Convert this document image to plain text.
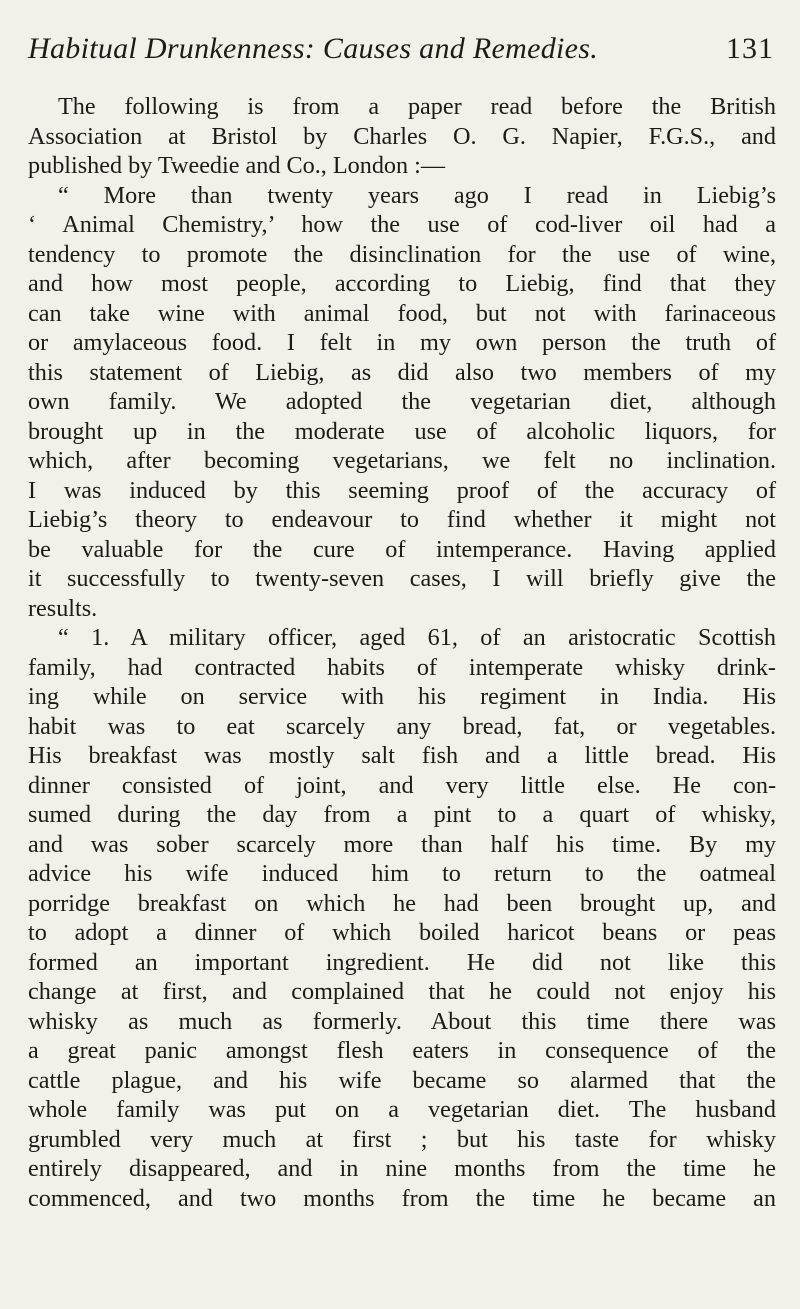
Habitual Drunkenness: Causes and Remedies.	131
The following is from a paper read before the British
Association at Bristol by Charles O. G. Napier, F.G.S., and
published by Tweedie and Co., London :—
“ More than twenty years ago I read in Liebig’s
‘ Animal Chemistry,’ how the use of cod-liver oil had a
tendency to promote the disinclination for the use of wine,
and how most people, according to Liebig, find that they
can take wine with animal food, but not with farinaceous
or amylaceous food. I felt in my own person the truth of
this statement of Liebig, as did also two members of my
own family. We adopted the vegetarian diet, although
brought up in the moderate use of alcoholic liquors, for
which, after becoming vegetarians, we felt no inclination.
I was induced by this seeming proof of the accuracy of
Liebig’s theory to endeavour to find whether it might not
be valuable for the cure of intemperance. Having applied
it successfully to twenty-seven cases, I will briefly give the
results.
“ 1. A military officer, aged 61, of an aristocratic Scottish
family, had contracted habits of intemperate whisky drink-
ing while on service with his regiment in India. His
habit was to eat scarcely any bread, fat, or vegetables.
His breakfast was mostly salt fish and a little bread. His
dinner consisted of joint, and very little else. He con-
sumed during the day from a pint to a quart of whisky,
and was sober scarcely more than half his time. By my
advice his wife induced him to return to the oatmeal
porridge breakfast on which he had been brought up, and
to adopt a dinner of which boiled haricot beans or peas
formed an important ingredient. He did not like this
change at first, and complained that he could not enjoy his
whisky as much as formerly. About this time there was
a great panic amongst flesh eaters in consequence of the
cattle plague, and his wife became so alarmed that the
whole family was put on a vegetarian diet. The husband
grumbled very much at first ; but his taste for whisky
entirely disappeared, and in nine months from the time he
commenced, and two months from the time he became an
